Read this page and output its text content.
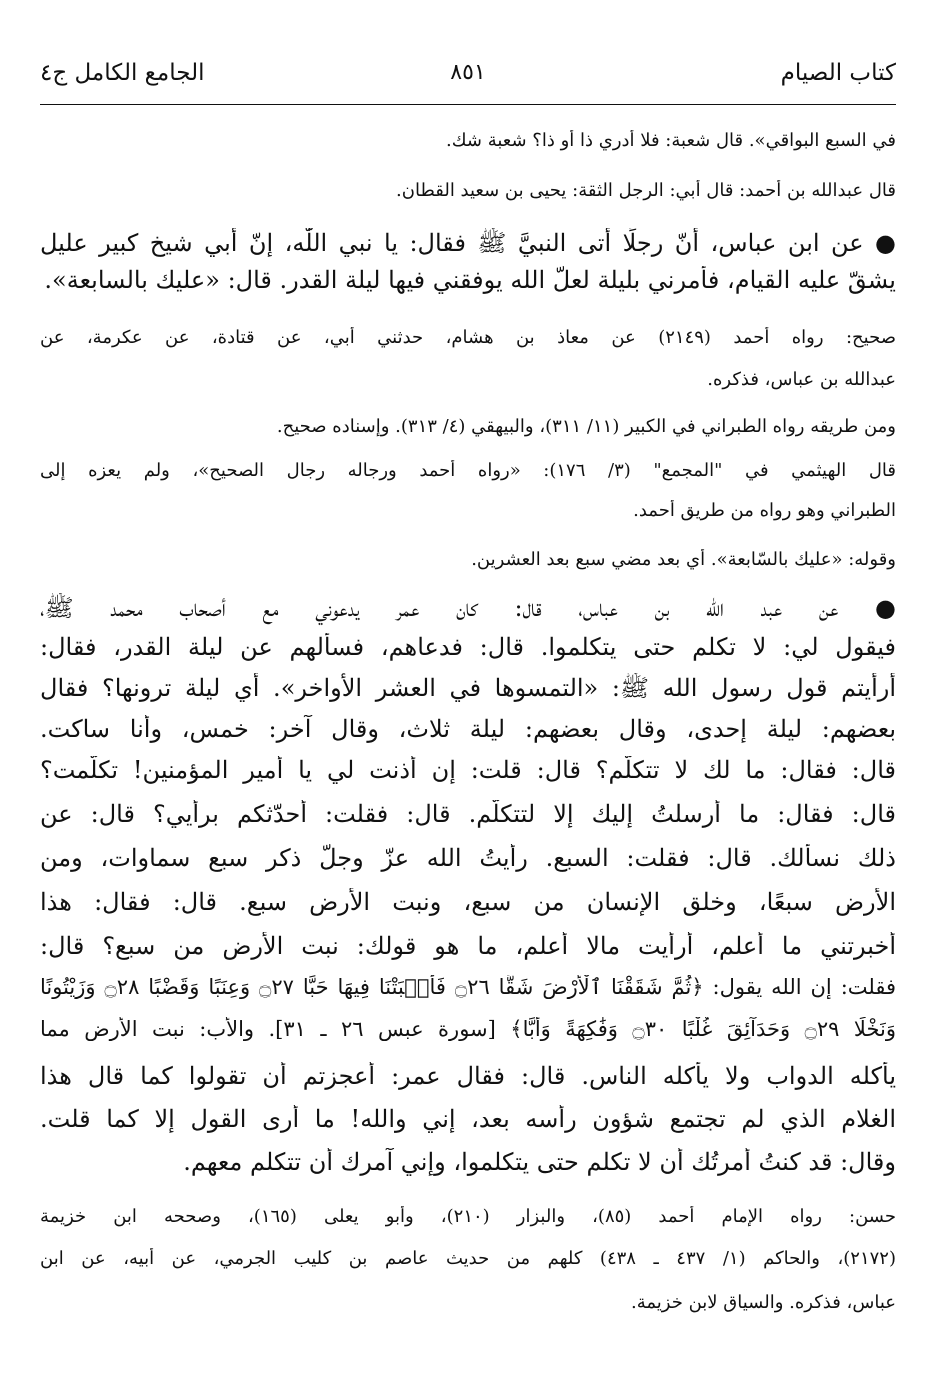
كتاب الصيام
٨٥١
الجامع الكامل ج٤
في السبع البواقي». قال شعبة: فلا أدري ذا أو ذا؟ شعبة شك.
قال عبدالله بن أحمد: قال أبي: الرجل الثقة: يحيى بن سعيد القطان.
● عن ابن عباس، أنّ رجلًا أتى النبيَّ ﷺ فقال: يا نبي اللّٰه، إنّ أبي شيخ كبير عليل
يشقّ عليه القيام، فأْمرني بليلة لعلّ الله يوفقني فيها ليلة القدر. قال: «عليك بالسابعة».
صحيح: رواه أحمد (٢١٤٩) عن معاذ بن هشام، حدثني أبي، عن قتادة، عن عكرمة، عن
عبدالله بن عباس، فذكره.
ومن طريقه رواه الطبراني في الكبير (١١/ ٣١١)، والبيهقي (٤/ ٣١٣). وإسناده صحيح.
قال الهيثمي في "المجمع" (٣/ ١٧٦): «رواه أحمد ورجاله رجال الصحيح»، ولم يعزه إلى
الطبراني وهو رواه من طريق أحمد.
وقوله: «عليك بالسّابعة». أي بعد مضي سبع بعد العشرين.
● عن عبد الله بن عباس، قال: كان عمر يدعوني مع أصحاب محمد ﷺ،
فيقول لي: لا تكلم حتى يتكلموا. قال: فدعاهم، فسألهم عن ليلة القدر، فقال:
أرأيتم قول رسول الله ﷺ: «التمسوها في العشر الأواخر». أي ليلة ترونها؟ فقال
بعضهم: ليلة إحدى، وقال بعضهم: ليلة ثلاث، وقال آخر: خمس، وأنا ساكت.
قال: فقال: ما لك لا تتكلّم؟ قال: قلت: إن أذنت لي يا أمير المؤمنين! تكلّمت؟
قال: فقال: ما أرسلتُ إليك إلا لتتكلّم. قال: فقلت: أحدّثكم برأيي؟ قال: عن
ذلك نسألك. قال: فقلت: السبع. رأيتُ الله عزّ وجلّ ذكر سبع سماوات، ومن
الأرض سبعًا، وخلق الإنسان من سبع، ونبت الأرض سبع. قال: فقال: هذا
أخبرتني ما أعلم، أرأيت مالا أعلم، ما هو قولك: نبت الأرض من سبع؟ قال:
فقلت: إن الله يقول: ﴿ثُمَّ شَقَقْنَا ٱلْأَرْضَ شَقًّا ۝٢٦ فَأَنۢبَتْنَا فِيهَا حَبًّا ۝٢٧ وَعِنَبًا وَقَضْبًا ۝٢٨ وَزَيْتُونًا
وَنَخْلًا ۝٢٩ وَحَدَآئِقَ غُلْبًا ۝٣٠ وَفَٰكِهَةً وَأَبًّا﴾ [سورة عبس ٢٦ ـ ٣١]. والأب: نبت الأرض مما
يأكله الدواب ولا يأكله الناس. قال: فقال عمر: أعجزتم أن تقولوا كما قال هذا
الغلام الذي لم تجتمع شؤون رأسه بعد، إني والله! ما أرى القول إلا كما قلت.
وقال: قد كنتُ أمرتُك أن لا تكلم حتى يتكلموا، وإني آمرك أن تتكلم معهم.
حسن: رواه الإمام أحمد (٨٥)، والبزار (٢١٠)، وأبو يعلى (١٦٥)، وصححه ابن خزيمة
(٢١٧٢)، والحاكم (١/ ٤٣٧ ـ ٤٣٨) كلهم من حديث عاصم بن كليب الجرمي، عن أبيه، عن ابن
عباس، فذكره. والسياق لابن خزيمة.
